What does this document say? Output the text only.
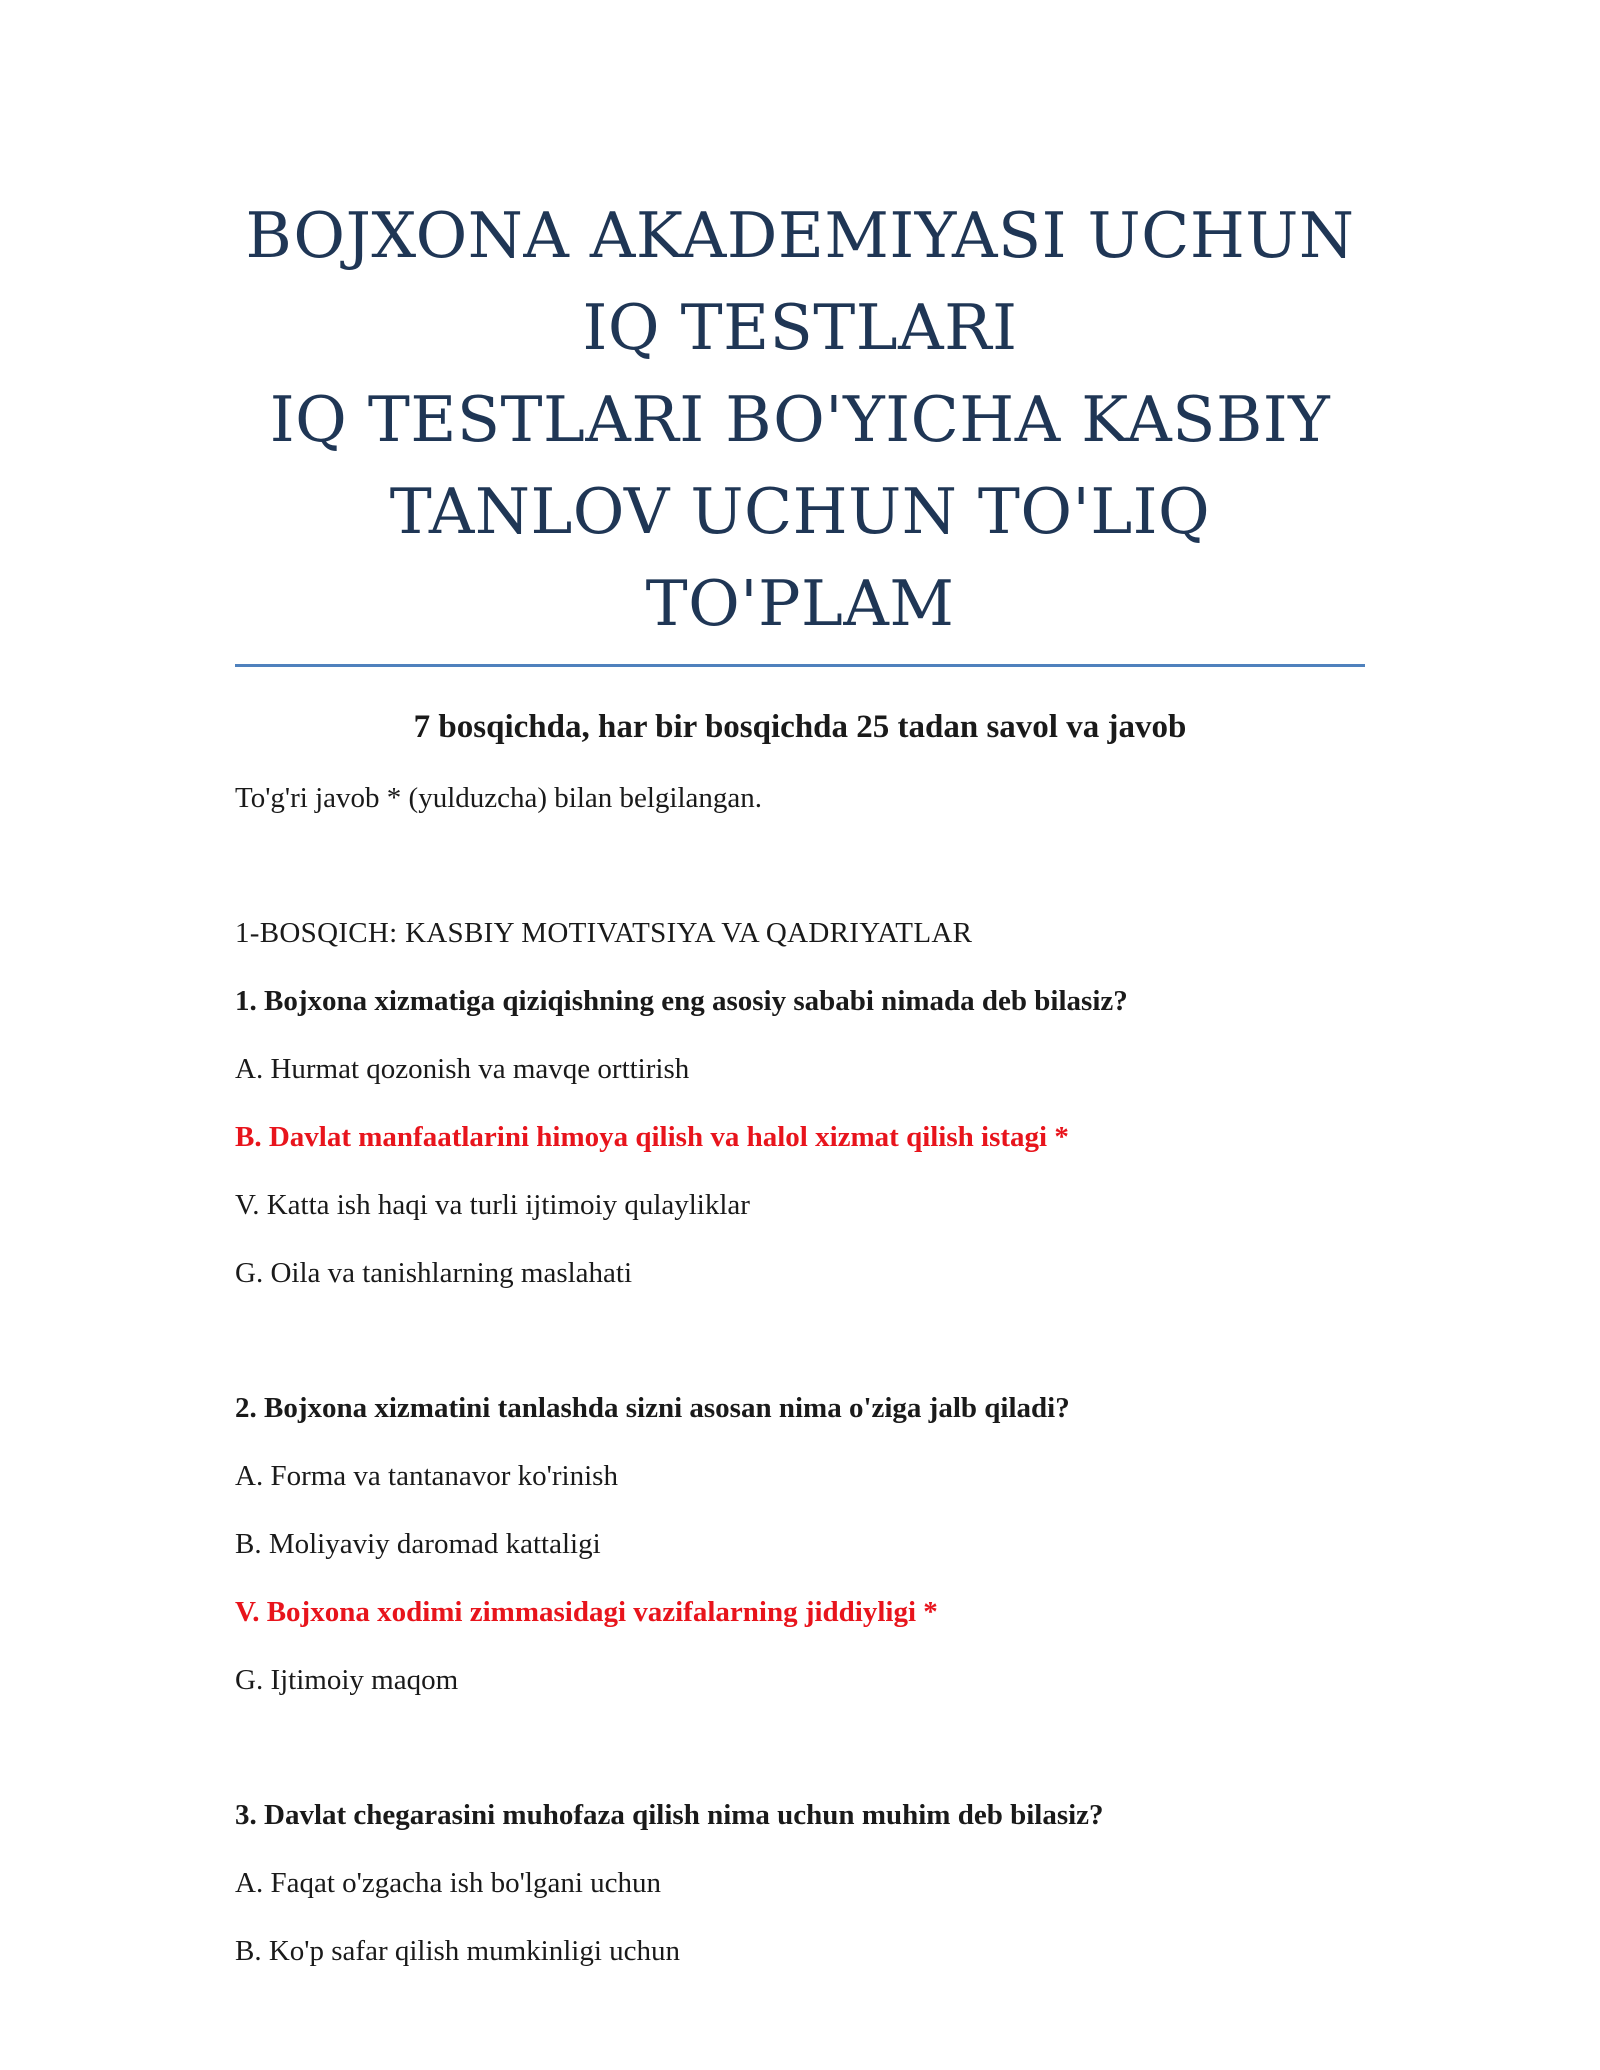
BOJXONA AKADEMIYASI UCHUN
IQ TESTLARI
IQ TESTLARI BO'YICHA KASBIY
TANLOV UCHUN TO'LIQ TO'PLAM

7 bosqichda, har bir bosqichda 25 tadan savol va javob

To'g'ri javob * (yulduzcha) bilan belgilangan.

1-BOSQICH: KASBIY MOTIVATSIYA VA QADRIYATLAR
1. Bojxona xizmatiga qiziqishning eng asosiy sababi nimada deb bilasiz?
A. Hurmat qozonish va mavqe orttirish
B. Davlat manfaatlarini himoya qilish va halol xizmat qilish istagi *
V. Katta ish haqi va turli ijtimoiy qulayliklar
G. Oila va tanishlarning maslahati
2. Bojxona xizmatini tanlashda sizni asosan nima o'ziga jalb qiladi?
A. Forma va tantanavor ko'rinish
B. Moliyaviy daromad kattaligi
V. Bojxona xodimi zimmasidagi vazifalarning jiddiyligi *
G. Ijtimoiy maqom
3. Davlat chegarasini muhofaza qilish nima uchun muhim deb bilasiz?
A. Faqat o'zgacha ish bo'lgani uchun
B. Ko'p safar qilish mumkinligi uchun
